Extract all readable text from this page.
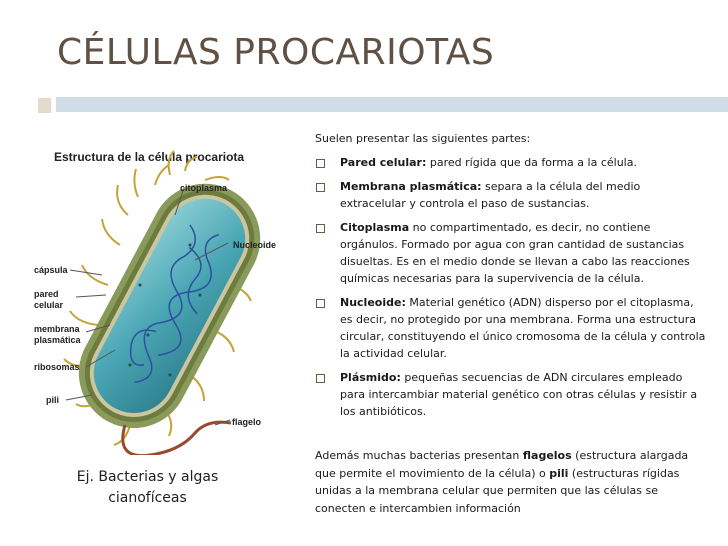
CÉLULAS PROCARIOTAS
Estructura de la célula procariota
citoplasma
Nucleoide
cápsula
pared
celular
membrana
plasmática
ribosomas
pili
flagelo
Ej. Bacterias y algas
cianofíceas
Suelen presentar las siguientes partes:
Pared celular: pared rígida que da forma a la célula.
Membrana plasmática: separa a la célula del medio extracelular y controla el paso de sustancias.
Citoplasma no compartimentado, es decir, no contiene orgánulos. Formado por agua con gran cantidad de sustancias disueltas. Es en el medio donde se llevan a cabo las reacciones químicas necesarias para la supervivencia de la célula.
Nucleoide: Material genético (ADN) disperso por el citoplasma, es decir, no protegido por una membrana. Forma una estructura circular, constituyendo el único cromosoma de la célula y controla la actividad celular.
Plásmido: pequeñas secuencias de ADN circulares empleado para intercambiar material genético con otras células y resistir a los antibióticos.
Además muchas bacterias presentan flagelos (estructura alargada que permite el movimiento de la célula) o pili (estructuras rígidas unidas a la membrana celular que permiten que las células se conecten e intercambien información
